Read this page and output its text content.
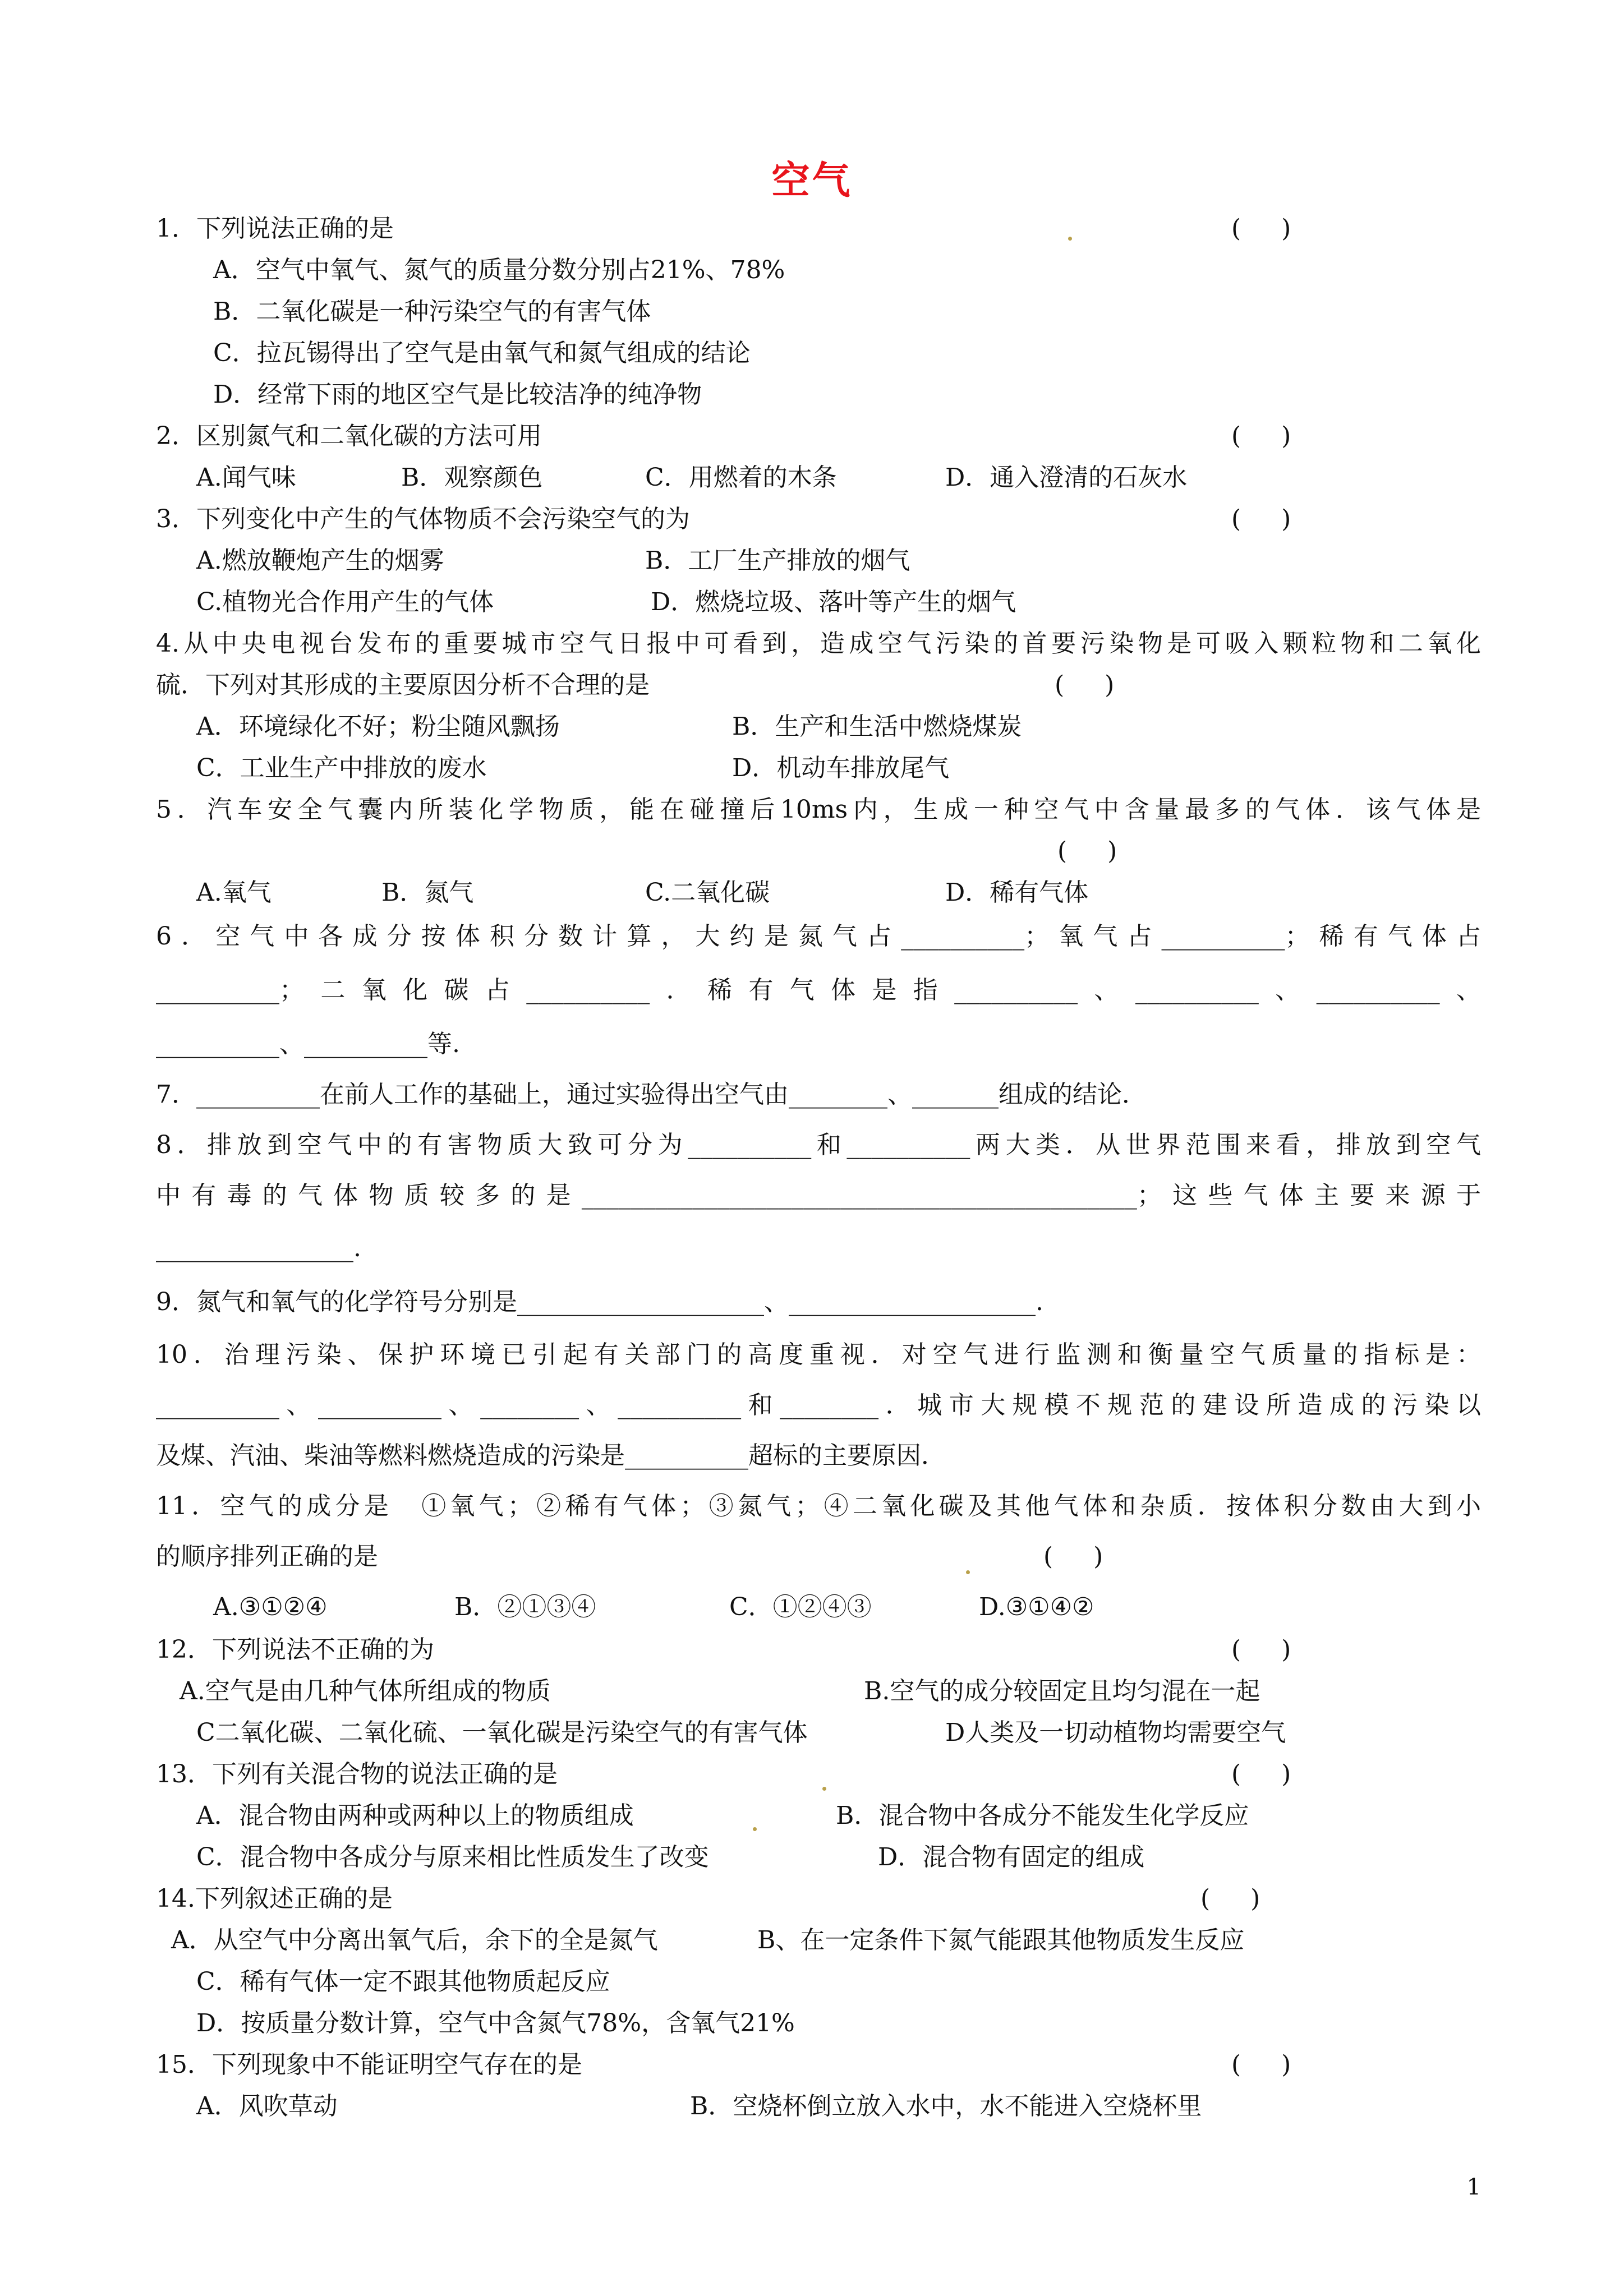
空气
1．下列说法正确的是	(　  )
A．空气中氧气、氮气的质量分数分别占21%、78%
B．二氧化碳是一种污染空气的有害气体
C．拉瓦锡得出了空气是由氧气和氮气组成的结论
D．经常下雨的地区空气是比较洁净的纯净物
2．区别氮气和二氧化碳的方法可用	(　  )
A.闻气味	B．观察颜色	C．用燃着的木条	D．通入澄清的石灰水
3．下列变化中产生的气体物质不会污染空气的为	(　  )
A.燃放鞭炮产生的烟雾	B．工厂生产排放的烟气
C.植物光合作用产生的气体	D．燃烧垃圾、落叶等产生的烟气
4.从中央电视台发布的重要城市空气日报中可看到，造成空气污染的首要污染物是可吸入颗粒物和二氧化
硫．下列对其形成的主要原因分析不合理的是	(　  )
A．环境绿化不好；粉尘随风飘扬	B．生产和生活中燃烧煤炭
C．工业生产中排放的废水	D．机动车排放尾气
5．汽车安全气囊内所装化学物质，能在碰撞后10ms内，生成一种空气中含量最多的气体．该气体是
(　  )
A.氧气	B．氮气	C.二氧化碳	D．稀有气体
6．空气中各成分按体积分数计算，大约是氮气占__________；氧气占__________；稀有气体占
__________；二氧化碳占__________．稀有气体是指__________、__________、__________、
__________、__________等.
7．__________在前人工作的基础上，通过实验得出空气由________、_______组成的结论．
8．排放到空气中的有害物质大致可分为__________和__________两大类．从世界范围来看，排放到空气
中有毒的气体物质较多的是_____________________________________________；这些气体主要来源于
________________.
9．氮气和氧气的化学符号分别是____________________、____________________.
10．治理污染、保护环境已引起有关部门的高度重视．对空气进行监测和衡量空气质量的指标是：
__________、__________、________、__________和________．城市大规模不规范的建设所造成的污染以
及煤、汽油、柴油等燃料燃烧造成的污染是__________超标的主要原因．
11．空气的成分是　①氧气；②稀有气体；③氮气；④二氧化碳及其他气体和杂质．按体积分数由大到小
的顺序排列正确的是	(　  )
A.③①②④	B．②①③④	C．①②④③	D.③①④②
12．下列说法不正确的为	(　  )
A.空气是由几种气体所组成的物质	B.空气的成分较固定且均匀混在一起
C二氧化碳、二氧化硫、一氧化碳是污染空气的有害气体	D人类及一切动植物均需要空气
13．下列有关混合物的说法正确的是	(　  )
A．混合物由两种或两种以上的物质组成	B．混合物中各成分不能发生化学反应
C．混合物中各成分与原来相比性质发生了改变	D．混合物有固定的组成
14.下列叙述正确的是	(　  )
A．从空气中分离出氧气后，余下的全是氮气	B、在一定条件下氮气能跟其他物质发生反应
C．稀有气体一定不跟其他物质起反应
D．按质量分数计算，空气中含氮气78%，含氧气21%
15．下列现象中不能证明空气存在的是	(　  )
A．风吹草动	B．空烧杯倒立放入水中，水不能进入空烧杯里
1
